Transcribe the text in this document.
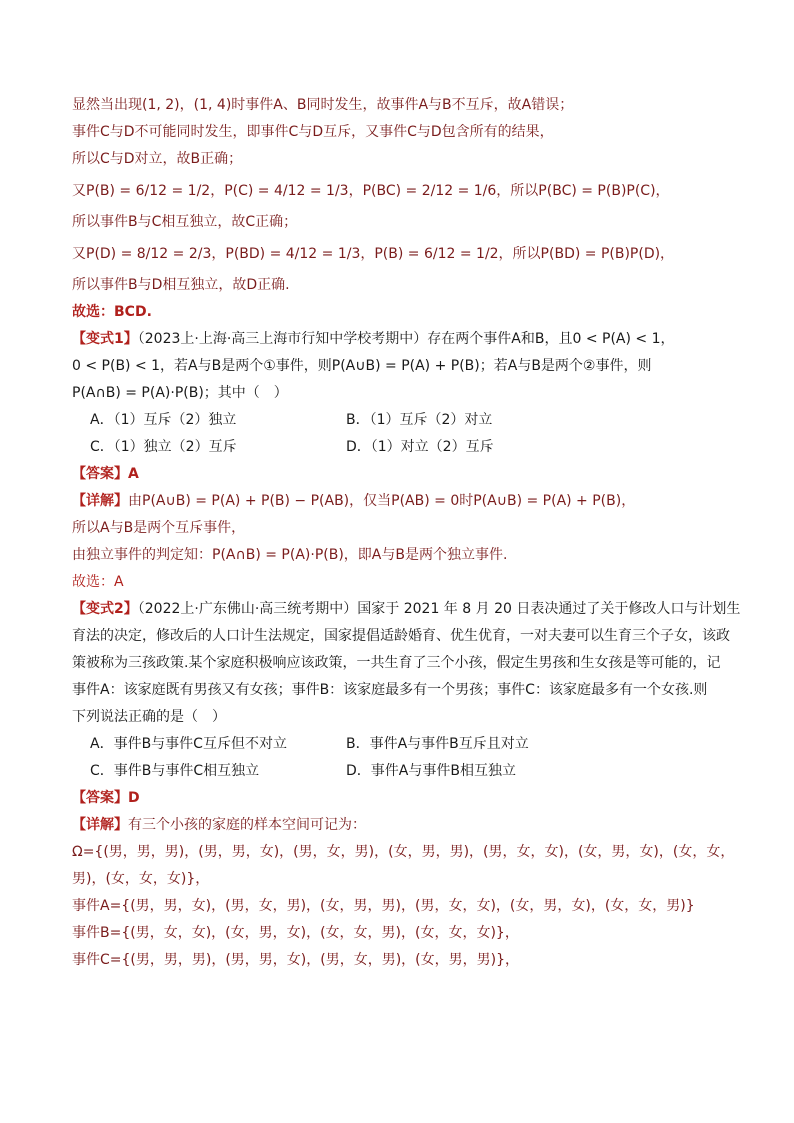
显然当出现(1, 2)，(1, 4)时事件A、B同时发生，故事件A与B不互斥，故A错误；
事件C与D不可能同时发生，即事件C与D互斥，又事件C与D包含所有的结果，
所以C与D对立，故B正确；
又P(B) = 6/12 = 1/2，P(C) = 4/12 = 1/3，P(BC) = 2/12 = 1/6，所以P(BC) = P(B)P(C)，
所以事件B与C相互独立，故C正确；
又P(D) = 8/12 = 2/3，P(BD) = 4/12 = 1/3，P(B) = 6/12 = 1/2，所以P(BD) = P(B)P(D)，
所以事件B与D相互独立，故D正确.
故选：BCD.
【变式1】（2023上·上海·高三上海市行知中学校考期中）存在两个事件A和B，且0 < P(A) < 1，
0 < P(B) < 1，若A与B是两个①事件，则P(A∪B) = P(A) + P(B)；若A与B是两个②事件，则
P(A∩B) = P(A)·P(B)；其中（　）
A．（1）互斥（2）独立	B．（1）互斥（2）对立
C．（1）独立（2）互斥	D．（1）对立（2）互斥
【答案】A
【详解】由P(A∪B) = P(A) + P(B) − P(AB)，仅当P(AB) = 0时P(A∪B) = P(A) + P(B)，
所以A与B是两个互斥事件，
由独立事件的判定知：P(A∩B) = P(A)·P(B)，即A与B是两个独立事件.
故选：A
【变式2】（2022上·广东佛山·高三统考期中）国家于 2021 年 8 月 20 日表决通过了关于修改人口与计划生
育法的决定，修改后的人口计生法规定，国家提倡适龄婚育、优生优育，一对夫妻可以生育三个子女，该政
策被称为三孩政策.某个家庭积极响应该政策，一共生育了三个小孩，假定生男孩和生女孩是等可能的，记
事件A：该家庭既有男孩又有女孩；事件B：该家庭最多有一个男孩；事件C：该家庭最多有一个女孩.则
下列说法正确的是（　）
A．事件B与事件C互斥但不对立	B．事件A与事件B互斥且对立
C．事件B与事件C相互独立	D．事件A与事件B相互独立
【答案】D
【详解】有三个小孩的家庭的样本空间可记为：
Ω={(男，男，男)，(男，男，女)，(男，女，男)，(女，男，男)，(男，女，女)，(女，男，女)，(女，女，
男)，(女，女，女)}，
事件A={(男，男，女)，(男，女，男)，(女，男，男)，(男，女，女)，(女，男，女)，(女，女，男)}
事件B={(男，女，女)，(女，男，女)，(女，女，男)，(女，女，女)}，
事件C={(男，男，男)，(男，男，女)，(男，女，男)，(女，男，男)}，
